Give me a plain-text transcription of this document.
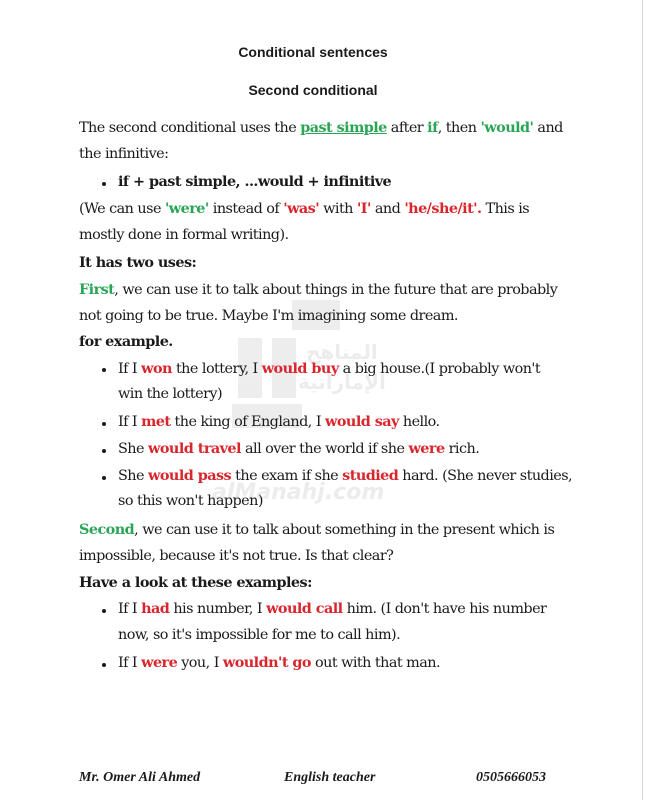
المناهج
الإماراتية
alManahj.com
Conditional sentences
Second conditional
The second conditional uses the past simple after if, then 'would' and
the infinitive:
if + past simple, ...would + infinitive
(We can use 'were' instead of 'was' with 'I' and 'he/she/it'. This is
mostly done in formal writing).
It has two uses:
First, we can use it to talk about things in the future that are probably
not going to be true. Maybe I'm imagining some dream.
for example.
If I won the lottery, I would buy a big house.(I probably won't
win the lottery)
If I met the king of England, I would say hello.
She would travel all over the world if she were rich.
She would pass the exam if she studied hard. (She never studies,
so this won't happen)
Second, we can use it to talk about something in the present which is
impossible, because it's not true. Is that clear?
Have a look at these examples:
If I had his number, I would call him. (I don't have his number
now, so it's impossible for me to call him).
If I were you, I wouldn't go out with that man.
Mr. Omer Ali Ahmed	English teacher	0505666053
